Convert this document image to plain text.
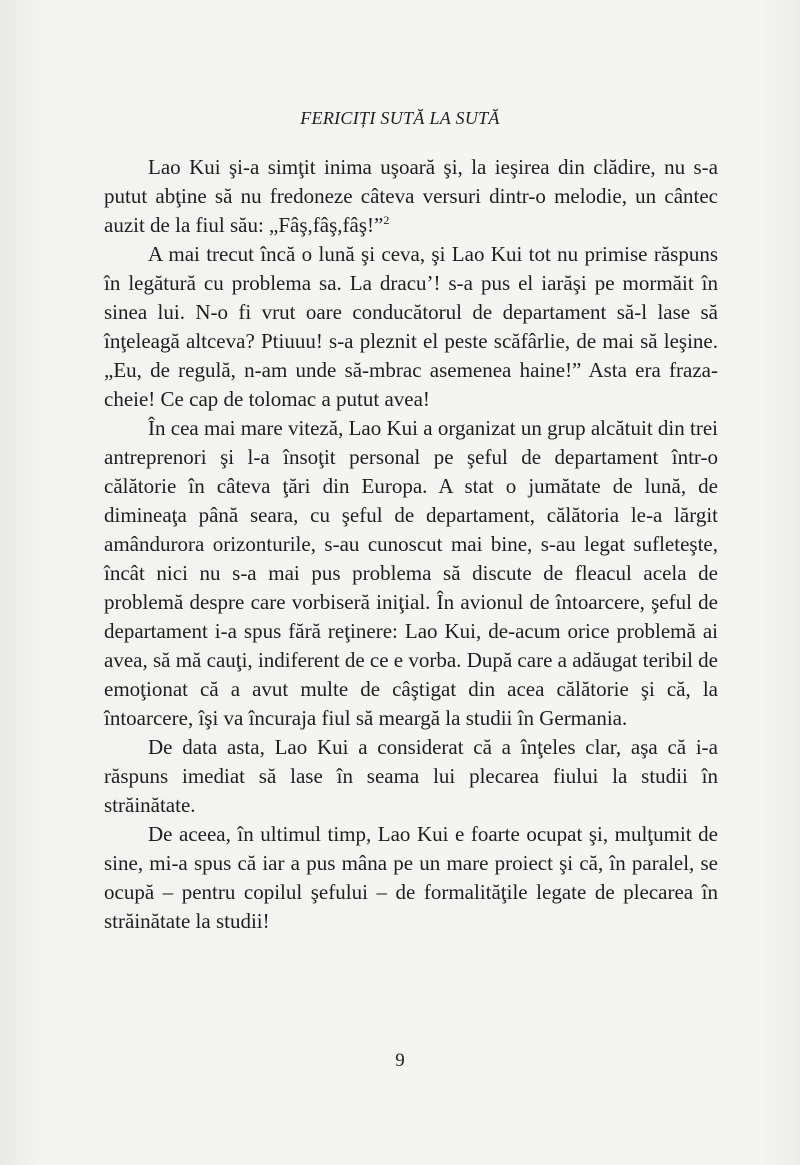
FERICIȚI SUTĂ LA SUTĂ

Lao Kui şi-a simţit inima uşoară şi, la ieşirea din clădire, nu s-a putut abţine să nu fredoneze câteva versuri dintr-o melodie, un cântec auzit de la fiul său: „Fâş,fâş,fâş!”$^2$

A mai trecut încă o lună şi ceva, şi Lao Kui tot nu primise răspuns în legătură cu problema sa. La dracu’! s-a pus el iarăşi pe mormăit în sinea lui. N-o fi vrut oare conducătorul de departament să-l lase să înţeleagă altceva? Ptiuuu! s-a pleznit el peste scăfârlie, de mai să leşine. „Eu, de regulă, n-am unde să-mbrac asemenea haine!” Asta era fraza-cheie! Ce cap de tolomac a putut avea!

În cea mai mare viteză, Lao Kui a organizat un grup alcătuit din trei antreprenori şi l-a însoţit personal pe şeful de departament într-o călătorie în câteva ţări din Europa. A stat o jumătate de lună, de dimineaţa până seara, cu şeful de departament, călătoria le-a lărgit amândurora orizonturile, s-au cunoscut mai bine, s-au legat sufleteşte, încât nici nu s-a mai pus problema să discute de fleacul acela de problemă despre care vorbiseră iniţial. În avionul de întoarcere, şeful de departament i-a spus fără reţinere: Lao Kui, de-acum orice problemă ai avea, să mă cauţi, indiferent de ce e vorba. După care a adăugat teribil de emoţionat că a avut multe de câştigat din acea călătorie şi că, la întoarcere, îşi va încuraja fiul să meargă la studii în Germania.

De data asta, Lao Kui a considerat că a înţeles clar, aşa că i-a răspuns imediat să lase în seama lui plecarea fiului la studii în străinătate.

De aceea, în ultimul timp, Lao Kui e foarte ocupat şi, mulţumit de sine, mi-a spus că iar a pus mâna pe un mare proiect şi că, în paralel, se ocupă – pentru copilul şefului – de formalităţile legate de plecarea în străinătate la studii!

9
